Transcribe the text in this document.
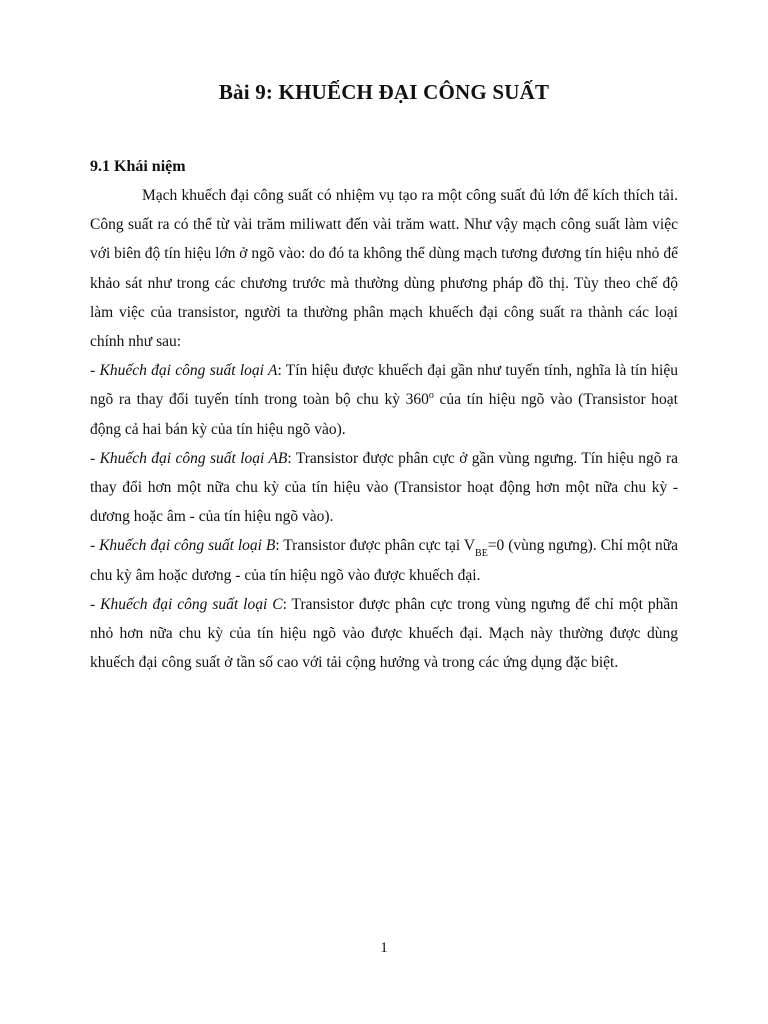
Bài 9: KHUẾCH ĐẠI CÔNG SUẤT
9.1 Khái niệm

Mạch khuếch đại công suất có nhiệm vụ tạo ra một công suất đủ lớn để kích thích tải. Công suất ra có thể từ vài trăm miliwatt đến vài trăm watt. Như vậy mạch công suất làm việc với biên độ tín hiệu lớn ở ngõ vào: do đó ta không thể dùng mạch tương đương tín hiệu nhỏ để khảo sát như trong các chương trước mà thường dùng phương pháp đồ thị. Tùy theo chế độ làm việc của transistor, người ta thường phân mạch khuếch đại công suất ra thành các loại chính như sau:

- Khuếch đại công suất loại A: Tín hiệu được khuếch đại gần như tuyến tính, nghĩa là tín hiệu ngõ ra thay đổi tuyến tính trong toàn bộ chu kỳ 360$^o$ của tín hiệu ngõ vào (Transistor hoạt động cả hai bán kỳ của tín hiệu ngõ vào).

- Khuếch đại công suất loại AB: Transistor được phân cực ở gần vùng ngưng. Tín hiệu ngõ ra thay đổi hơn một nữa chu kỳ của tín hiệu vào (Transistor hoạt động hơn một nữa chu kỳ - dương hoặc âm - của tín hiệu ngõ vào).

- Khuếch đại công suất loại B: Transistor được phân cực tại $V_{BE}=0$ (vùng ngưng). Chỉ một nữa chu kỳ âm hoặc dương - của tín hiệu ngõ vào được khuếch đại.

- Khuếch đại công suất loại C: Transistor được phân cực trong vùng ngưng để chỉ một phần nhỏ hơn nữa chu kỳ của tín hiệu ngõ vào được khuếch đại. Mạch này thường được dùng khuếch đại công suất ở tần số cao với tải cộng hưởng và trong các ứng dụng đặc biệt.

1
